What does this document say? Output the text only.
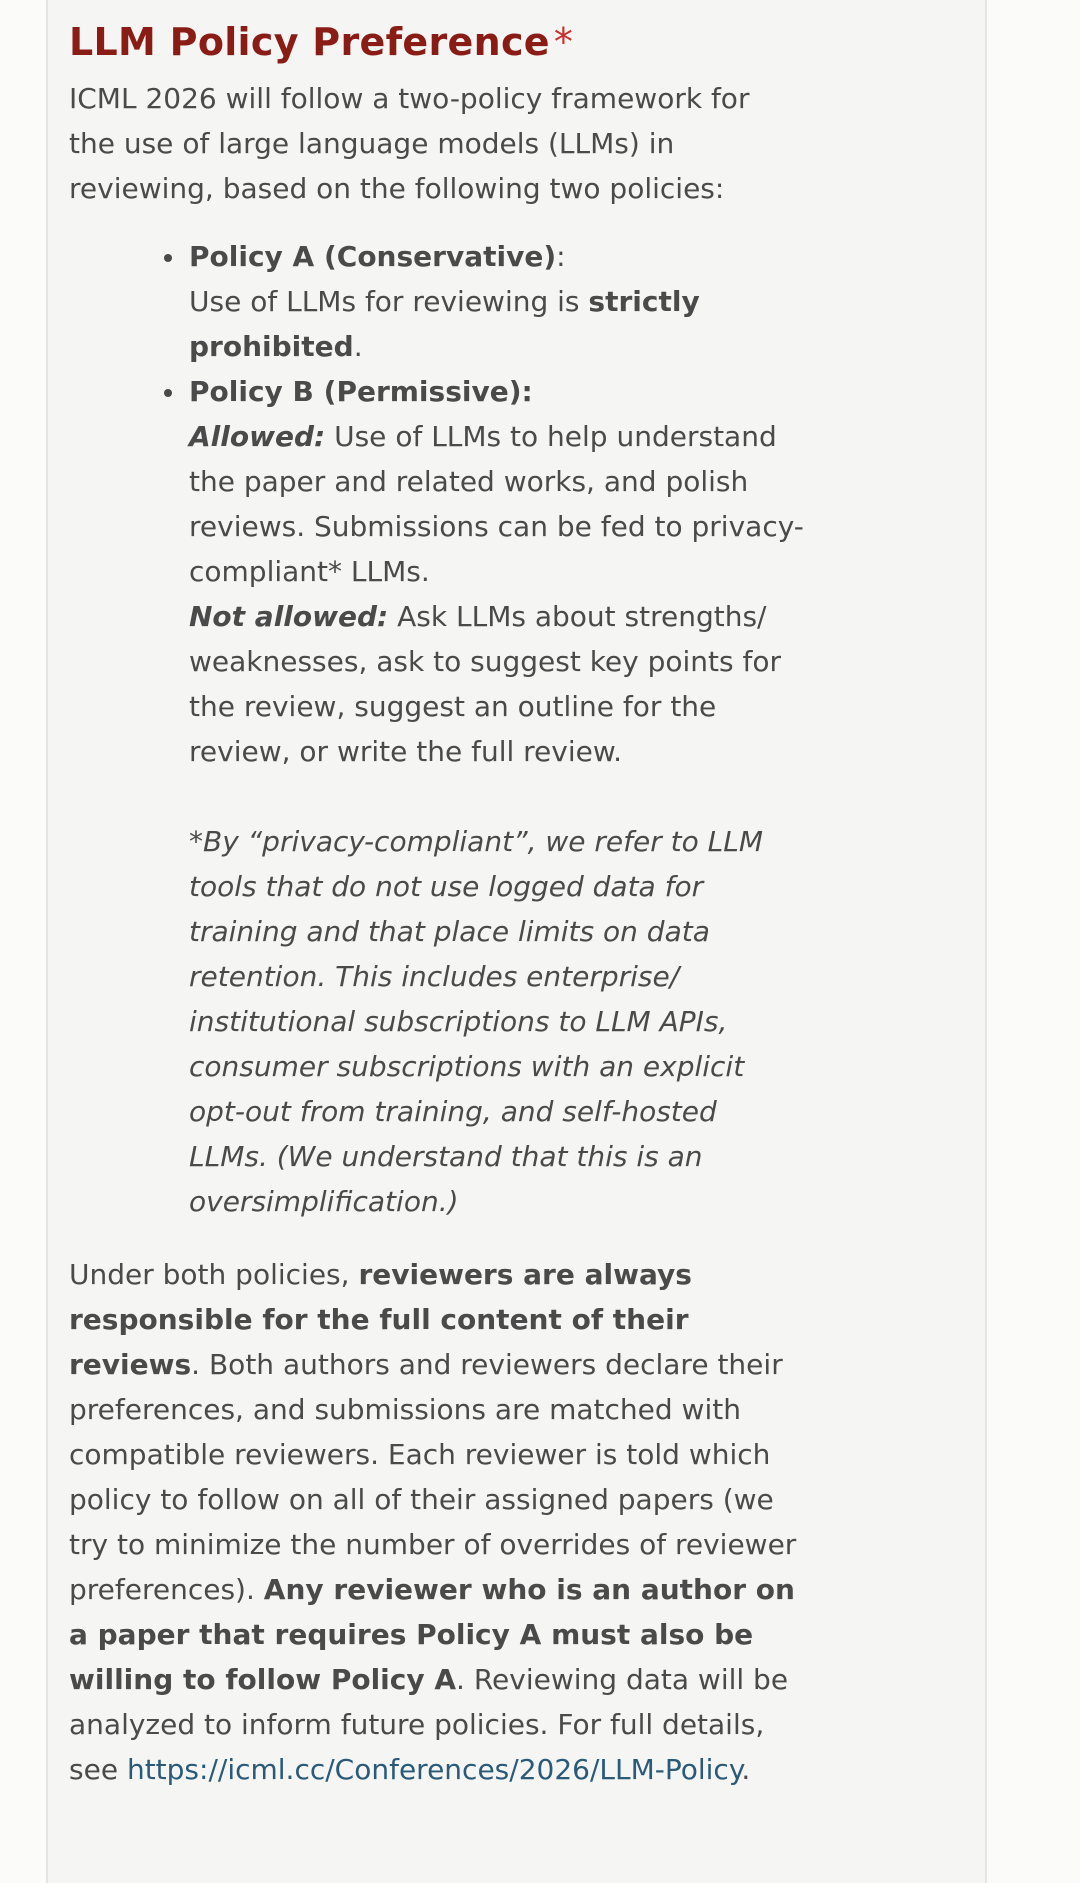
LLM Policy Preference *

ICML 2026 will follow a two-policy framework for the use of large language models (LLMs) in reviewing, based on the following two policies:

Policy A (Conservative):
Use of LLMs for reviewing is strictly prohibited.
Policy B (Permissive):
Allowed: Use of LLMs to help understand the paper and related works, and polish reviews. Submissions can be fed to privacy-compliant* LLMs.
Not allowed: Ask LLMs about strengths/ weaknesses, ask to suggest key points for the review, suggest an outline for the review, or write the full review.

*By “privacy-compliant”, we refer to LLM tools that do not use logged data for training and that place limits on data retention. This includes enterprise/ institutional subscriptions to LLM APIs, consumer subscriptions with an explicit opt-out from training, and self-hosted LLMs. (We understand that this is an oversimplification.)

Under both policies, reviewers are always responsible for the full content of their reviews. Both authors and reviewers declare their preferences, and submissions are matched with compatible reviewers. Each reviewer is told which policy to follow on all of their assigned papers (we try to minimize the number of overrides of reviewer preferences). Any reviewer who is an author on a paper that requires Policy A must also be willing to follow Policy A. Reviewing data will be analyzed to inform future policies. For full details, see https://icml.cc/Conferences/2026/LLM-Policy.
